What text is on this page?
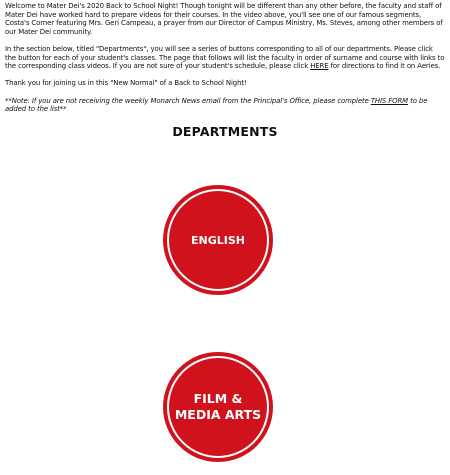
Welcome to Mater Dei's 2020 Back to School Night! Though tonight will be different than any other before, the faculty and staff of Mater Dei have worked hard to prepare videos for their courses. In the video above, you'll see one of our famous segments, Costa's Corner featuring Mrs. Geri Campeau, a prayer from our Director of Campus Ministry, Ms. Steves, among other members of our Mater Dei community.

In the section below, titled "Departments", you will see a series of buttons corresponding to all of our departments. Please click the button for each of your student's classes. The page that follows will list the faculty in order of surname and course with links to the corresponding class videos. If you are not sure of your student's schedule, please click HERE for directions to find it on Aeries.

Thank you for joining us in this "New Normal" of a Back to School Night!

**Note: If you are not receiving the weekly Monarch News email from the Principal's Office, please complete THIS FORM to be added to the list**

DEPARTMENTS
ENGLISH
FILM &
MEDIA ARTS
